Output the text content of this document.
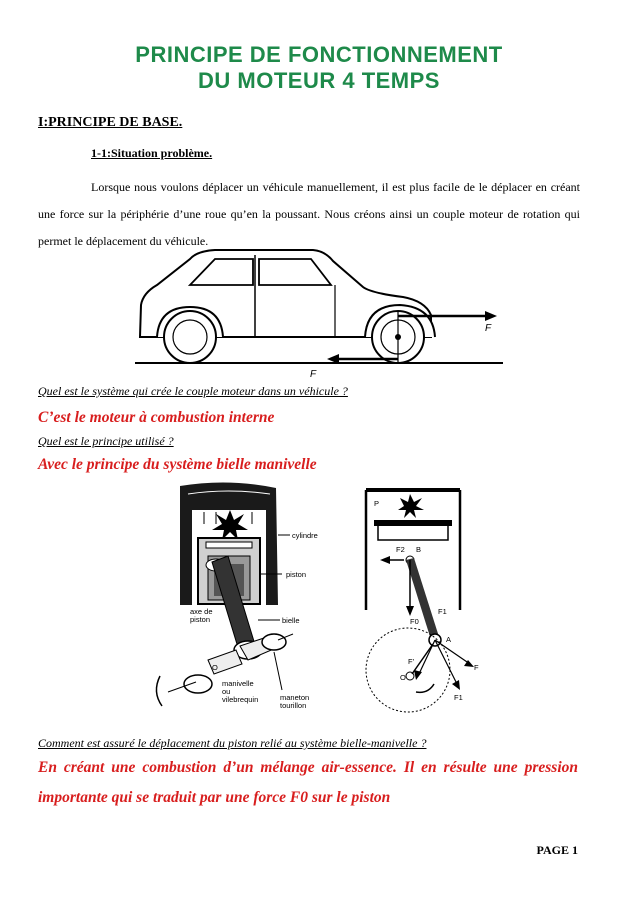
PRINCIPE DE FONCTIONNEMENT
DU MOTEUR 4 TEMPS
I:PRINCIPE DE BASE.
1-1:Situation problème.
Lorsque nous voulons déplacer un véhicule manuellement, il est plus facile de le déplacer en créant une force sur la périphérie d’une roue qu’en la poussant. Nous créons ainsi un couple moteur de rotation qui permet le déplacement du véhicule.
F
F
Quel est le système qui crée le couple moteur dans un véhicule ?
C’est le moteur à combustion interne
Quel est le principe utilisé ?
Avec le principe du système bielle manivelle
cylindre
piston
axe de
piston	bielle
O
manivelle
ou
vilebrequin	maneton
tourillon
P
F2 B
F1
F0
A
F
F'
F1
O
Comment est assuré le déplacement du piston relié au système bielle-manivelle ?
En créant une combustion d’un mélange air-essence. Il en résulte une pression importante qui se traduit par une force F0 sur le piston
PAGE 1
